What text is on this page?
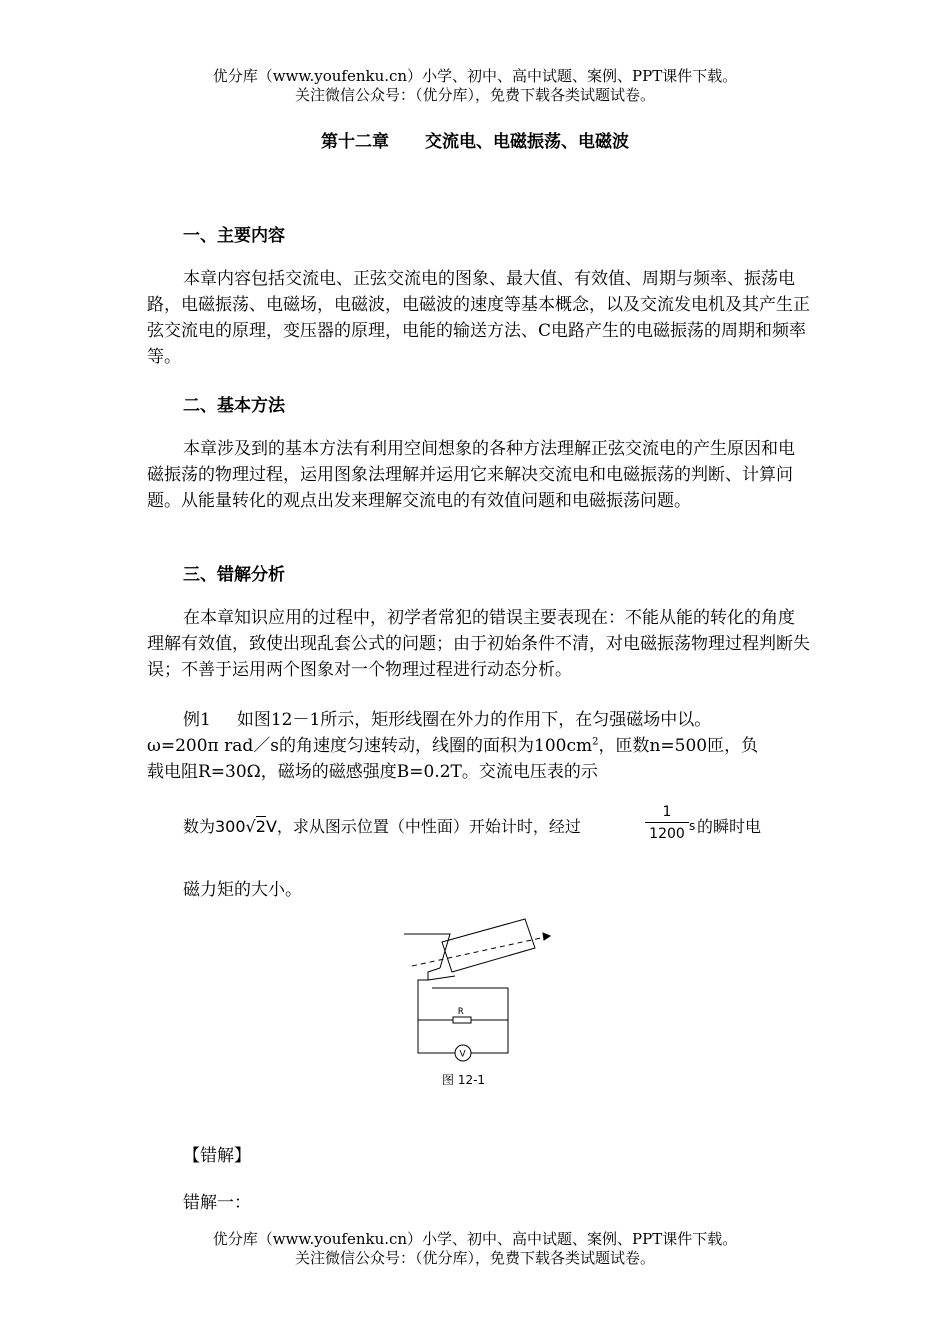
优分库（www.youfenku.cn）小学、初中、高中试题、案例、PPT课件下载。
关注微信公众号：（优分库），免费下载各类试题试卷。
第十二章 交流电、电磁振荡、电磁波
一、主要内容
本章内容包括交流电、正弦交流电的图象、最大值、有效值、周期与频率、振荡电路，电磁振荡、电磁场，电磁波，电磁波的速度等基本概念，以及交流发电机及其产生正弦交流电的原理，变压器的原理，电能的输送方法、C电路产生的电磁振荡的周期和频率等。
二、基本方法
本章涉及到的基本方法有利用空间想象的各种方法理解正弦交流电的产生原因和电磁振荡的物理过程，运用图象法理解并运用它来解决交流电和电磁振荡的判断、计算问题。从能量转化的观点出发来理解交流电的有效值问题和电磁振荡问题。
三、错解分析
在本章知识应用的过程中，初学者常犯的错误主要表现在：不能从能的转化的角度理解有效值，致使出现乱套公式的问题；由于初始条件不清，对电磁振荡物理过程判断失误；不善于运用两个图象对一个物理过程进行动态分析。
例1 如图12－1所示，矩形线圈在外力的作用下，在匀强磁场中以。
ω=200π rad／s的角速度匀速转动，线圈的面积为$100cm^2$，匝数n=500匝，负
载电阻R=30Ω，磁场的磁感强度B=0.2T。交流电压表的示
数为300√2V，求从图示位置（中性面）开始计时，经过
1
1200 s 的瞬时电
磁力矩的大小。
R
V
图 12-1
【错解】
错解一：
优分库（www.youfenku.cn）小学、初中、高中试题、案例、PPT课件下载。
关注微信公众号：（优分库），免费下载各类试题试卷。
